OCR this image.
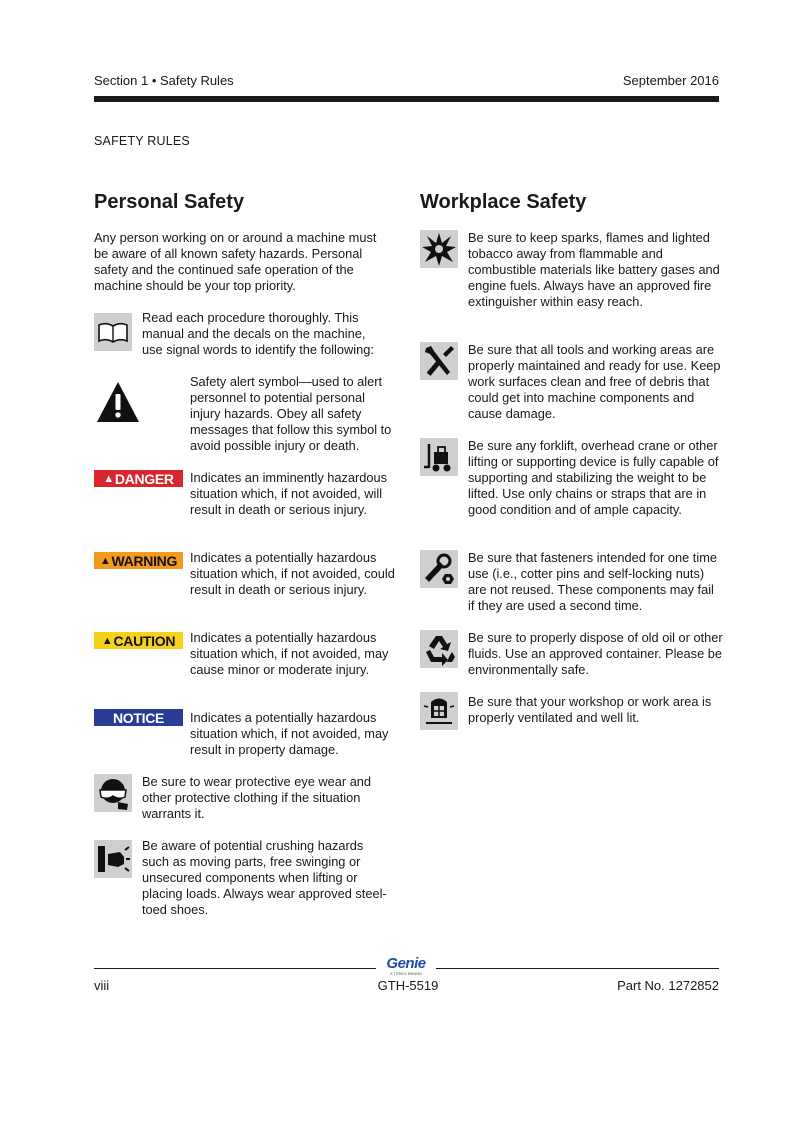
Section 1 • Safety Rules	September 2016
SAFETY RULES
Personal Safety

Any person working on or around a machine must be aware of all known safety hazards. Personal safety and the continued safe operation of the machine should be your top priority.

Read each procedure thoroughly. This manual and the decals on the machine, use signal words to identify the following:

Safety alert symbol—used to alert personnel to potential personal injury hazards. Obey all safety messages that follow this symbol to avoid possible injury or death.

▲ DANGER Indicates an imminently hazardous situation which, if not avoided, will result in death or serious injury.

▲ WARNING Indicates a potentially hazardous situation which, if not avoided, could result in death or serious injury.

▲ CAUTION Indicates a potentially hazardous situation which, if not avoided, may cause minor or moderate injury.

NOTICE Indicates a potentially hazardous situation which, if not avoided, may result in property damage.

Be sure to wear protective eye wear and other protective clothing if the situation warrants it.

Be aware of potential crushing hazards such as moving parts, free swinging or unsecured components when lifting or placing loads. Always wear approved steel-toed shoes.

Workplace Safety

Be sure to keep sparks, flames and lighted tobacco away from flammable and combustible materials like battery gases and engine fuels. Always have an approved fire extinguisher within easy reach.

Be sure that all tools and working areas are properly maintained and ready for use. Keep work surfaces clean and free of debris that could get into machine components and cause damage.

Be sure any forklift, overhead crane or other lifting or supporting device is fully capable of supporting and stabilizing the weight to be lifted. Use only chains or straps that are in good condition and of ample capacity.

Be sure that fasteners intended for one time use (i.e., cotter pins and self-locking nuts) are not reused. These components may fail if they are used a second time.

Be sure to properly dispose of old oil or other fluids. Use an approved container. Please be environmentally safe.

Be sure that your workshop or work area is properly ventilated and well lit.

Genie
A TEREX BRAND
viii	GTH-5519	Part No. 1272852
